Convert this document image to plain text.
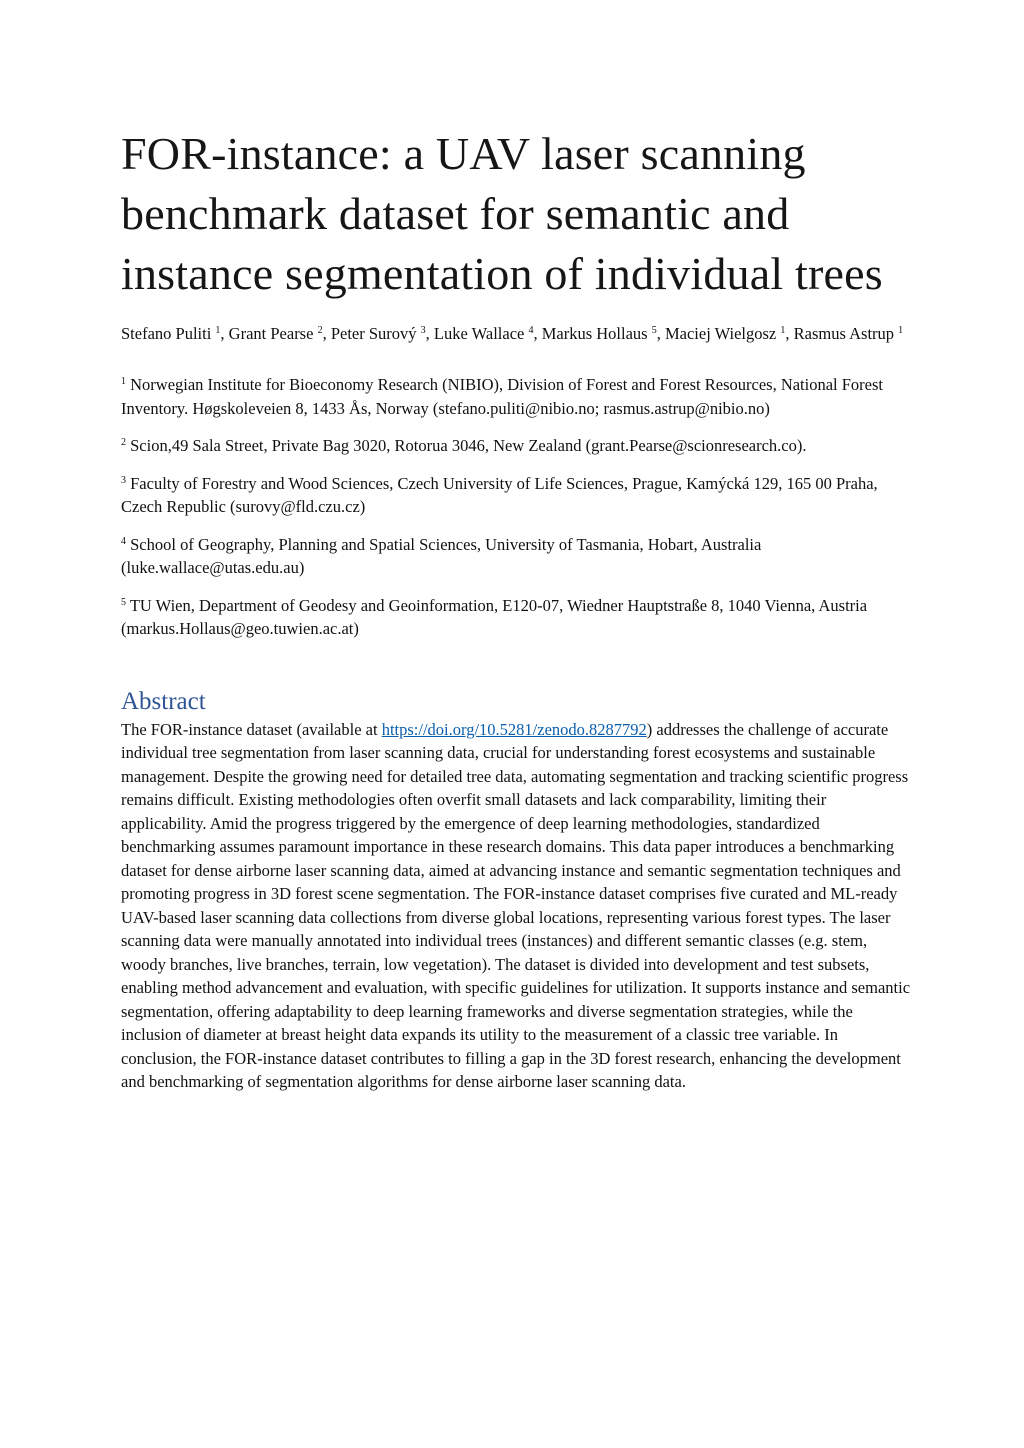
FOR-instance: a UAV laser scanning benchmark dataset for semantic and instance segmentation of individual trees
Stefano Puliti $^1$, Grant Pearse $^2$, Peter Surový $^3$, Luke Wallace $^4$, Markus Hollaus $^5$, Maciej Wielgosz $^1$, Rasmus Astrup $^1$
$^1$ Norwegian Institute for Bioeconomy Research (NIBIO), Division of Forest and Forest Resources, National Forest Inventory. Høgskoleveien 8, 1433 Ås, Norway (stefano.puliti@nibio.no; rasmus.astrup@nibio.no)
$^2$ Scion,49 Sala Street, Private Bag 3020, Rotorua 3046, New Zealand (grant.Pearse@scionresearch.co).
$^3$ Faculty of Forestry and Wood Sciences, Czech University of Life Sciences, Prague, Kamýcká 129, 165 00 Praha, Czech Republic (surovy@fld.czu.cz)
$^4$ School of Geography, Planning and Spatial Sciences, University of Tasmania, Hobart, Australia (luke.wallace@utas.edu.au)
$^5$ TU Wien, Department of Geodesy and Geoinformation, E120-07, Wiedner Hauptstraße 8, 1040 Vienna, Austria (markus.Hollaus@geo.tuwien.ac.at)
Abstract
The FOR-instance dataset (available at https://doi.org/10.5281/zenodo.8287792) addresses the challenge of accurate individual tree segmentation from laser scanning data, crucial for understanding forest ecosystems and sustainable management. Despite the growing need for detailed tree data, automating segmentation and tracking scientific progress remains difficult. Existing methodologies often overfit small datasets and lack comparability, limiting their applicability. Amid the progress triggered by the emergence of deep learning methodologies, standardized benchmarking assumes paramount importance in these research domains. This data paper introduces a benchmarking dataset for dense airborne laser scanning data, aimed at advancing instance and semantic segmentation techniques and promoting progress in 3D forest scene segmentation. The FOR-instance dataset comprises five curated and ML-ready UAV-based laser scanning data collections from diverse global locations, representing various forest types. The laser scanning data were manually annotated into individual trees (instances) and different semantic classes (e.g. stem, woody branches, live branches, terrain, low vegetation). The dataset is divided into development and test subsets, enabling method advancement and evaluation, with specific guidelines for utilization. It supports instance and semantic segmentation, offering adaptability to deep learning frameworks and diverse segmentation strategies, while the inclusion of diameter at breast height data expands its utility to the measurement of a classic tree variable. In conclusion, the FOR-instance dataset contributes to filling a gap in the 3D forest research, enhancing the development and benchmarking of segmentation algorithms for dense airborne laser scanning data.
